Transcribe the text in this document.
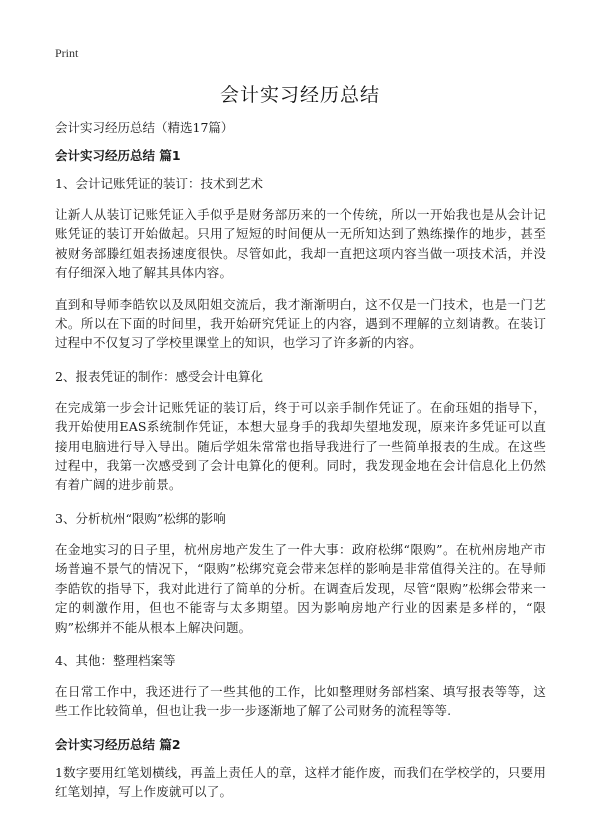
Print
会计实习经历总结
会计实习经历总结（精选17篇）
会计实习经历总结 篇1
1、会计记账凭证的装订：技术到艺术

让新人从装订记账凭证入手似乎是财务部历来的一个传统，所以一开始我也是从会计记账凭证的装订开始做起。只用了短短的时间便从一无所知达到了熟练操作的地步，甚至被财务部滕红姐表扬速度很快。尽管如此，我却一直把这项内容当做一项技术活，并没有仔细深入地了解其具体内容。

直到和导师李皓钦以及凤阳姐交流后，我才渐渐明白，这不仅是一门技术，也是一门艺术。所以在下面的时间里，我开始研究凭证上的内容，遇到不理解的立刻请教。在装订过程中不仅复习了学校里课堂上的知识，也学习了许多新的内容。

2、报表凭证的制作：感受会计电算化

在完成第一步会计记账凭证的装订后，终于可以亲手制作凭证了。在俞珏姐的指导下，我开始使用EAS系统制作凭证，本想大显身手的我却失望地发现，原来许多凭证可以直接用电脑进行导入导出。随后学姐朱常常也指导我进行了一些简单报表的生成。在这些过程中，我第一次感受到了会计电算化的便利。同时，我发现金地在会计信息化上仍然有着广阔的进步前景。

3、分析杭州“限购”松绑的影响

在金地实习的日子里，杭州房地产发生了一件大事：政府松绑“限购”。在杭州房地产市场普遍不景气的情况下，“限购”松绑究竟会带来怎样的影响是非常值得关注的。在导师李皓钦的指导下，我对此进行了简单的分析。在调查后发现，尽管“限购”松绑会带来一定的刺激作用，但也不能寄与太多期望。因为影响房地产行业的因素是多样的，“限购”松绑并不能从根本上解决问题。

4、其他：整理档案等

在日常工作中，我还进行了一些其他的工作，比如整理财务部档案、填写报表等等，这些工作比较简单，但也让我一步一步逐渐地了解了公司财务的流程等等.

会计实习经历总结 篇2

1数字要用红笔划横线，再盖上责任人的章，这样才能作废，而我们在学校学的，只要用红笔划掉，写上作废就可以了。
